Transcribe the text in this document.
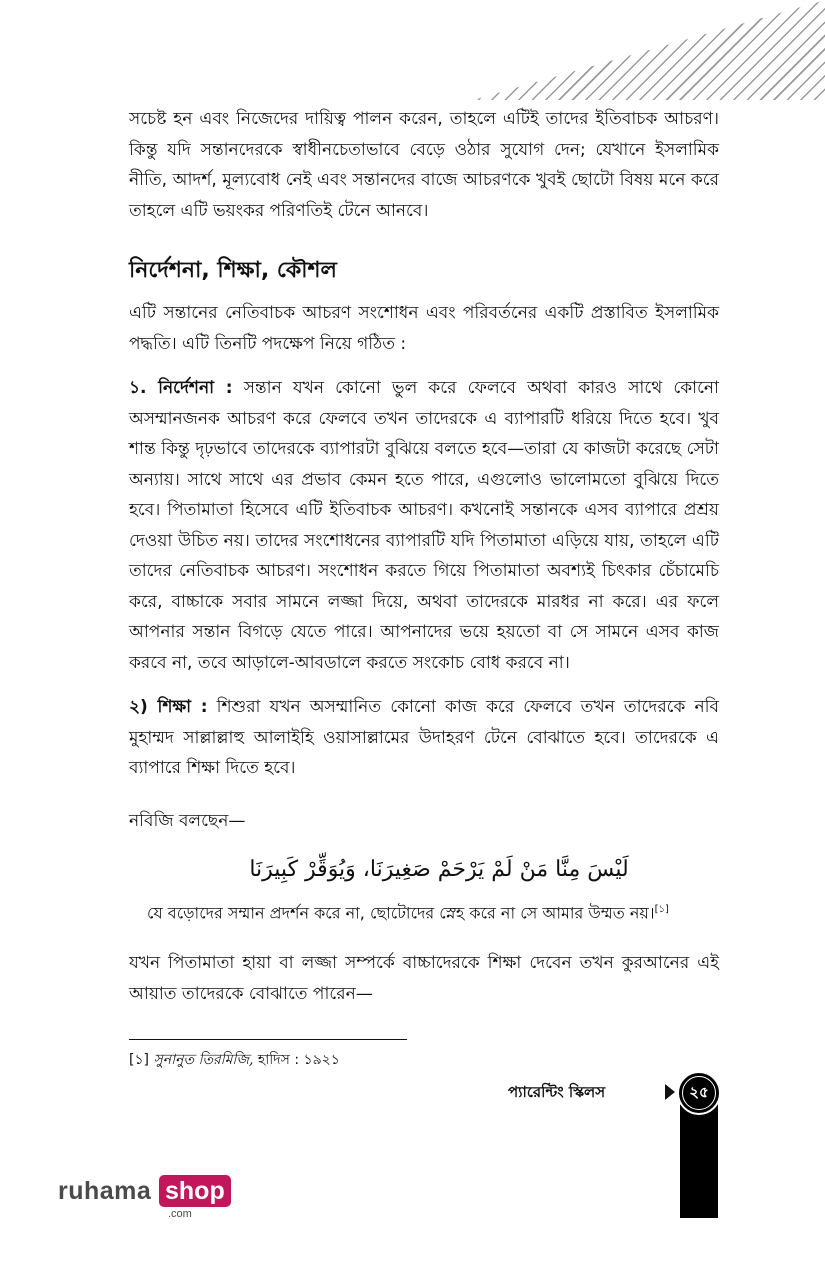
সচেষ্ট হন এবং নিজেদের দায়িত্ব পালন করেন, তাহলে এটিই তাদের ইতিবাচক আচরণ। কিন্তু যদি সন্তানদেরকে স্বাধীনচেতাভাবে বেড়ে ওঠার সুযোগ দেন; যেখানে ইসলামিক নীতি, আদর্শ, মূল্যবোধ নেই এবং সন্তানদের বাজে আচরণকে খুবই ছোটো বিষয় মনে করে তাহলে এটি ভয়ংকর পরিণতিই টেনে আনবে।

নির্দেশনা, শিক্ষা, কৌশল

এটি সন্তানের নেতিবাচক আচরণ সংশোধন এবং পরিবর্তনের একটি প্রস্তাবিত ইসলামিক পদ্ধতি। এটি তিনটি পদক্ষেপ নিয়ে গঠিত :

১. নির্দেশনা : সন্তান যখন কোনো ভুল করে ফেলবে অথবা কারও সাথে কোনো অসম্মানজনক আচরণ করে ফেলবে তখন তাদেরকে এ ব্যাপারটি ধরিয়ে দিতে হবে। খুব শান্ত কিন্তু দৃঢ়ভাবে তাদেরকে ব্যাপারটা বুঝিয়ে বলতে হবে—তারা যে কাজটা করেছে সেটা অন্যায়। সাথে সাথে এর প্রভাব কেমন হতে পারে, এগুলোও ভালোমতো বুঝিয়ে দিতে হবে। পিতামাতা হিসেবে এটি ইতিবাচক আচরণ। কখনোই সন্তানকে এসব ব্যাপারে প্রশ্রয় দেওয়া উচিত নয়। তাদের সংশোধনের ব্যাপারটি যদি পিতামাতা এড়িয়ে যায়, তাহলে এটি তাদের নেতিবাচক আচরণ। সংশোধন করতে গিয়ে পিতামাতা অবশ্যই চিৎকার চেঁচামেচি করে, বাচ্চাকে সবার সামনে লজ্জা দিয়ে, অথবা তাদেরকে মারধর না করে। এর ফলে আপনার সন্তান বিগড়ে যেতে পারে। আপনাদের ভয়ে হয়তো বা সে সামনে এসব কাজ করবে না, তবে আড়ালে-আবডালে করতে সংকোচ বোধ করবে না।

২) শিক্ষা : শিশুরা যখন অসম্মানিত কোনো কাজ করে ফেলবে তখন তাদেরকে নবি মুহাম্মদ সাল্লাল্লাহু আলাইহি ওয়াসাল্লামের উদাহরণ টেনে বোঝাতে হবে। তাদেরকে এ ব্যাপারে শিক্ষা দিতে হবে।

নবিজি বলছেন—

لَيْسَ مِنَّا مَنْ لَمْ يَرْحَمْ صَغِيرَنَا، وَيُوَقِّرْ كَبِيرَنَا

যে বড়োদের সম্মান প্রদর্শন করে না, ছোটোদের স্নেহ করে না সে আমার উম্মত নয়।[১]

যখন পিতামাতা হায়া বা লজ্জা সম্পর্কে বাচ্চাদেরকে শিক্ষা দেবেন তখন কুরআনের এই আয়াত তাদেরকে বোঝাতে পারেন—

[১] সুনানুত তিরমিজি, হাদিস : ১৯২১
প্যারেন্টিং স্কিলস	২৫
ruhama shop
.com
